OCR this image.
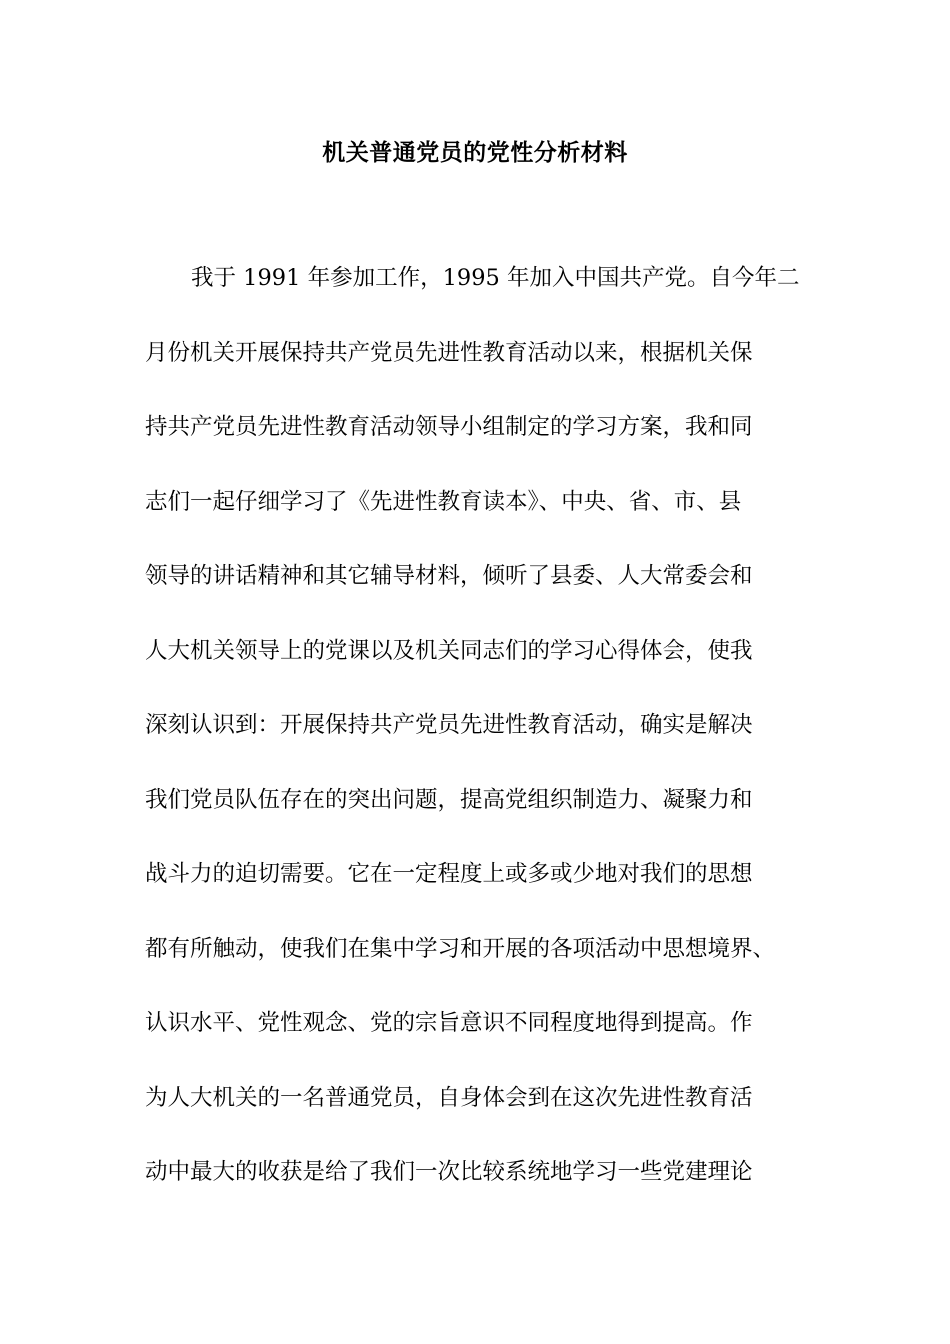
机关普通党员的党性分析材料
我于 1991 年参加工作，1995 年加入中国共产党。自今年二
月份机关开展保持共产党员先进性教育活动以来，根据机关保
持共产党员先进性教育活动领导小组制定的学习方案，我和同
志们一起仔细学习了《先进性教育读本》、中央、省、市、县
领导的讲话精神和其它辅导材料，倾听了县委、人大常委会和
人大机关领导上的党课以及机关同志们的学习心得体会，使我
深刻认识到：开展保持共产党员先进性教育活动，确实是解决
我们党员队伍存在的突出问题，提高党组织制造力、凝聚力和
战斗力的迫切需要。它在一定程度上或多或少地对我们的思想
都有所触动，使我们在集中学习和开展的各项活动中思想境界、
认识水平、党性观念、党的宗旨意识不同程度地得到提高。作
为人大机关的一名普通党员，自身体会到在这次先进性教育活
动中最大的收获是给了我们一次比较系统地学习一些党建理论
